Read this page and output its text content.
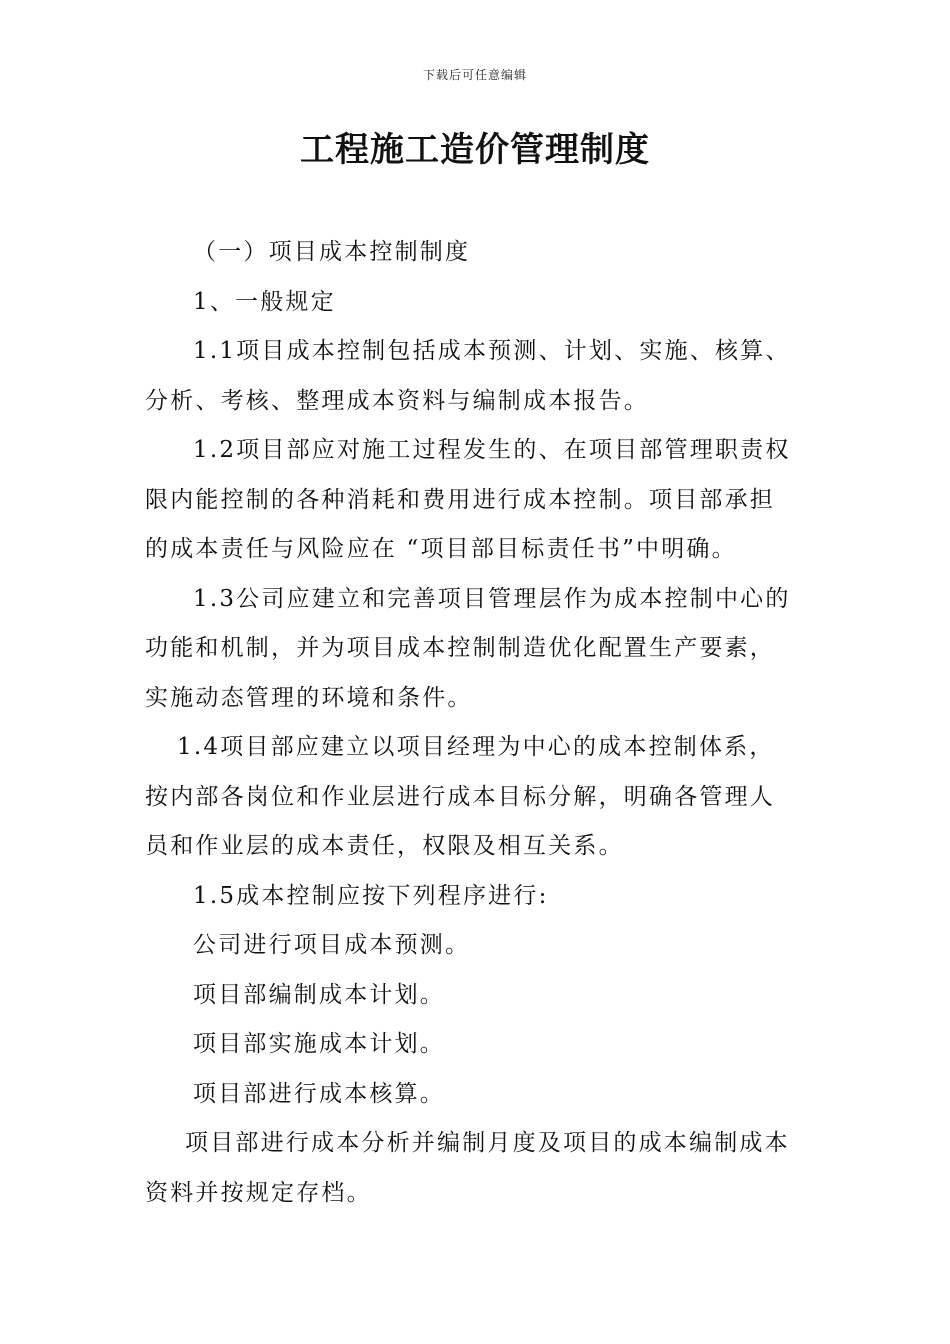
下载后可任意编辑
工程施工造价管理制度

（一）项目成本控制制度

1、一般规定

1.1项目成本控制包括成本预测、计划、实施、核算、

分析、考核、整理成本资料与编制成本报告。

1.2项目部应对施工过程发生的、在项目部管理职责权

限内能控制的各种消耗和费用进行成本控制。项目部承担

的成本责任与风险应在 “项目部目标责任书”中明确。

1.3公司应建立和完善项目管理层作为成本控制中心的

功能和机制，并为项目成本控制制造优化配置生产要素，

实施动态管理的环境和条件。

1.4项目部应建立以项目经理为中心的成本控制体系，

按内部各岗位和作业层进行成本目标分解，明确各管理人

员和作业层的成本责任，权限及相互关系。

1.5成本控制应按下列程序进行:

公司进行项目成本预测。

项目部编制成本计划。

项目部实施成本计划。

项目部进行成本核算。

项目部进行成本分析并编制月度及项目的成本编制成本

资料并按规定存档。
